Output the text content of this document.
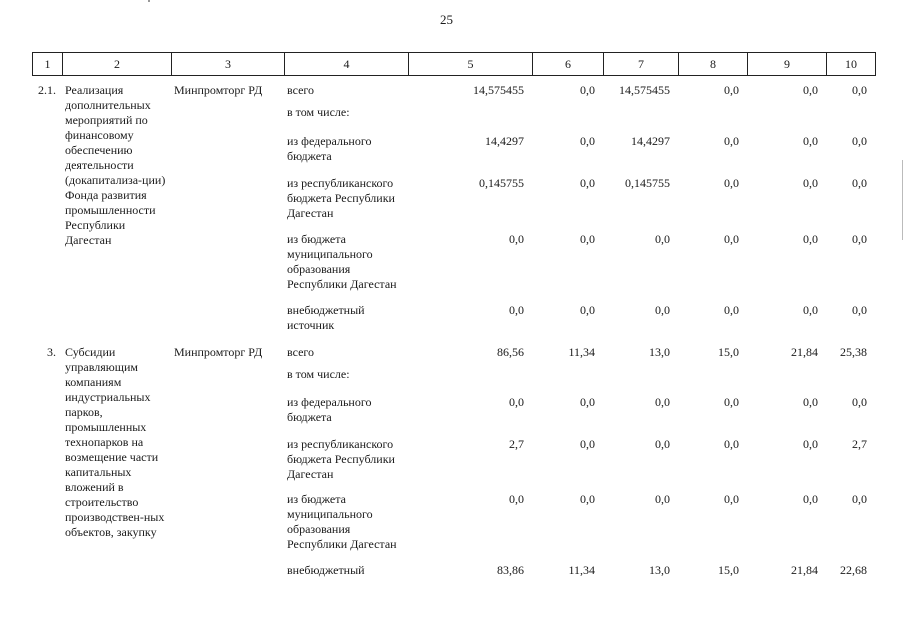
25
1	2	3	4	5	6	7	8	9	10
2.1.	Реализация дополнительных мероприятий по финансовому обеспечению деятельности (докапитализа-ции) Фонда развития промышленности Республики Дагестан	Минпромторг РД	всего	14,575455	0,0	14,575455	0,0	0,0	0,0
			в том числе:						
			из федерального бюджета	14,4297	0,0	14,4297	0,0	0,0	0,0
			из республиканского бюджета Республики Дагестан	0,145755	0,0	0,145755	0,0	0,0	0,0
			из бюджета муниципального образования Республики Дагестан	0,0	0,0	0,0	0,0	0,0	0,0
			внебюджетный источник	0,0	0,0	0,0	0,0	0,0	0,0
3.	Субсидии управляющим компаниям индустриальных парков, промышленных технопарков на возмещение части капитальных вложений в строительство производствен-ных объектов, закупку	Минпромторг РД	всего	86,56	11,34	13,0	15,0	21,84	25,38
			в том числе:						
			из федерального бюджета	0,0	0,0	0,0	0,0	0,0	0,0
			из республиканского бюджета Республики Дагестан	2,7	0,0	0,0	0,0	0,0	2,7
			из бюджета муниципального образования Республики Дагестан	0,0	0,0	0,0	0,0	0,0	0,0
			внебюджетный	83,86	11,34	13,0	15,0	21,84	22,68
